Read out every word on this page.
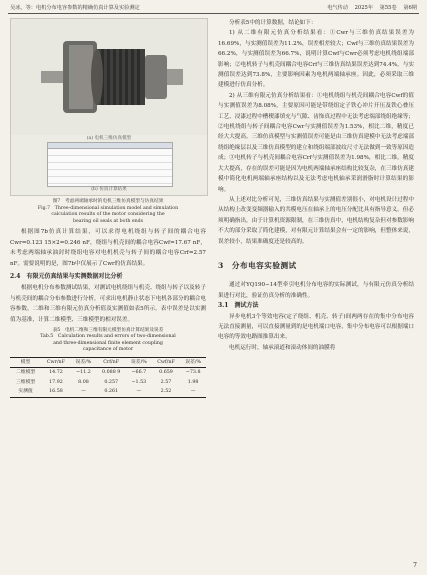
吴冰，等：电机分布电容参数的精确仿真计算及实验测定	电气传动 2025年 第55卷 第6期
(a) 电机三维仿真模型
(b) 仿真计算结果
图7　考虑两端轴承时的电机三维仿真模型与仿真结果
Fig.7　Three-dimensional simulation model and simulation
calculation results of the motor considering the
bearing oil seals at both ends

根据图7b仿真计算结果，可以求得电机绕组与转子间的耦合电容Cwr=0.123 15×2=0.246 nF，绕组与机壳间的耦合电容Cwf=17.67 nF，未考虑两端轴承油封时绕组电容对电机机壳与转子间的耦合电容Crf=2.57 nF。需要说明的是，图7b中仅展示了Cwr的仿真结果。

2.4　有限元仿真结果与实测数据对比分析

根据电机分布参数测试结果，对测试电机绕组与机壳、绕组与转子以及转子与机壳间的耦合分布参数进行分析，可求出电机静止状态下电机各部分的耦合电容参数。二维和三维有限元仿真分析值及实测值如表5所示。表中误差是以实测值为基准，计算二维模型、三维模型的相对误差。

表5　电机二维和三维有限元模型仿真计算结果及误差
Tab.5　Calculation results and errors of two-dimensional
and three-dimensional finite element coupling
capacitance of motor
模型	Cwr/nF	误差/%	Crf/nF	误差/%	Cwf/nF	误差/%

二维模型	14.72	−11.2	0.088 9	−66.7	0.659	−73.8
三维模型	17.92	8.08	0.257	−1.53	2.57	1.98
实测值	16.58	—	0.261	—	2.52	—

分析表5中的计算数据，结论如下：

1) 从二维有限元仿真分析结果看：①Cwr与三维仿真结果误差为16.69%，与实测值误差为11.2%，误差相差较大；Cwf与三维仿真结果误差为66.2%，与实测值误差为66.7%，说明计算Cwf与Cwr必须考虑电机绕组端部影响；②电机转子与机壳间耦合电容Crf与三维仿真结果误差达到74.4%，与实测值误差达到73.8%，主要影响因素为电机两端轴承座。因此，必须采取三维建模进行仿真分析。

2) 从三维有限元仿真分析结果看：①电机绕组与机壳间耦合电容Cwf的值与实测值误差为8.08%，主要原因可能是带绕组定子铁心冲片开压及铁心叠压工艺、浸漆过程中槽楔漆填充与气隙、齿饰真过程中无法考虑端部绕组绝缘等；②电机绕组与转子间耦合电容Cwr与实测值误差为1.53%，相比二维，精度已经大大提高。三维仿真模型与实测值误差可能是由三维仿真建模中无法考虑端部绕组绝缘层以及三维仿真模型的建立和绕组端部波纹尺寸无法做到一致等原因造成；③电机转子与机壳间耦合电容Crf与实测值误差为1.98%，相比二维，精度大大提高，存在的误差可能是因为电机两端轴承座结构比较复杂，在三维仿真建模中简化电机两端轴承座结构以及无法考虑电机轴承采润滑脂时计算结果的影响。

从上述对比分析可见，三维仿真结果与实测值差别很小，对电机设计过程中从结构上改变变频器输入的共模电压在轴承上的电压分配比具有指导意义。但必须明确指出，由于计算机资源限制，在三维仿真中，电机结构复杂但对参数影响不大的部分采取了简化建模，对有限元计算结果会有一定的影响，但整体来说，误差较小，结果准确度还是较高的。

3　分布电容实验测试

通过对YQ190−14型牵引电机分布电容的实际测试，与有限元仿真分析结果进行对比，验证仿真分析的准确性。

3.1　测试方法

异步电机3个等效电容(定子绕组、机壳、转子)间两两存在的集中分布电容无法直接测量，可以直接测量到的是电机端口电容，集中分布电容可以根据端口电容的等效电路图推算出来。

电机运行时，轴承滚道和滚动体间的油膜将

7
